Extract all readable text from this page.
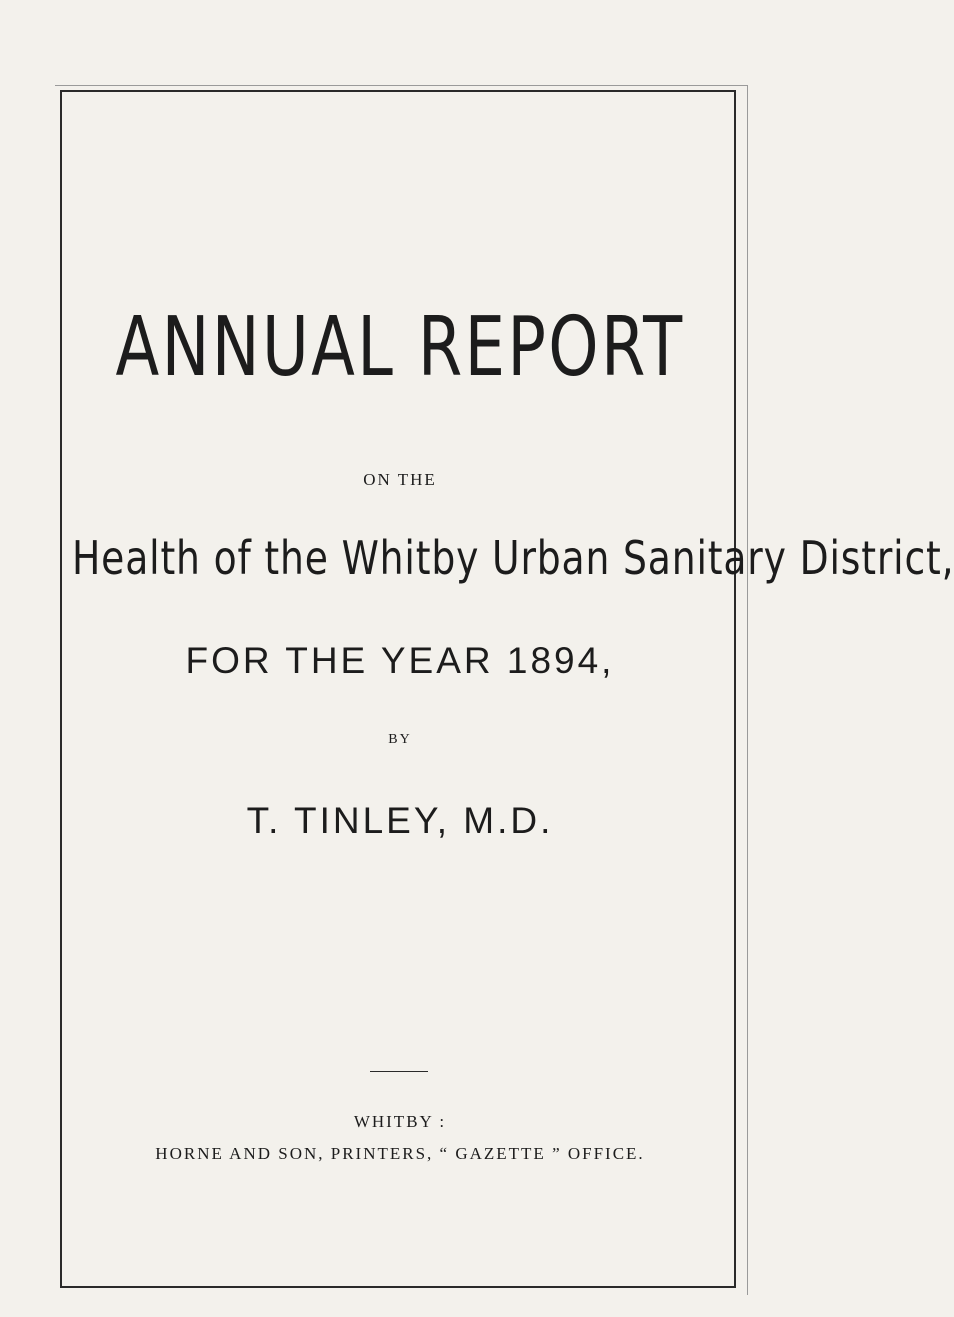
ANNUAL REPORT
ON THE
Health of the Whitby Urban Sanitary District,
FOR THE YEAR 1894,
BY
T. TINLEY, M.D.
WHITBY :
HORNE AND SON, PRINTERS, “ GAZETTE ” OFFICE.
